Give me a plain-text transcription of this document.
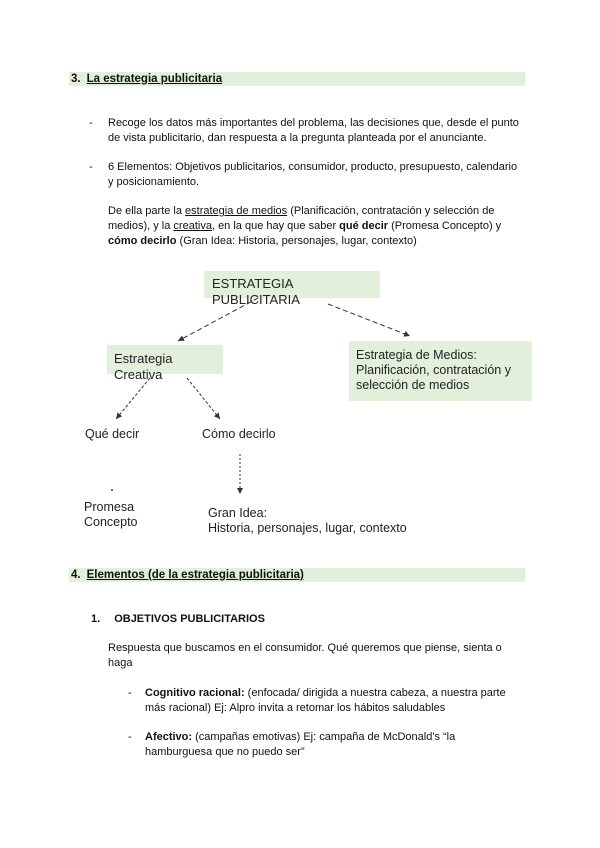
3. La estrategia publicitaria
- Recoge los datos más importantes del problema, las decisiones que, desde el punto
de vista publicitario, dan respuesta a la pregunta planteada por el anunciante.
- 6 Elementos: Objetivos publicitarios, consumidor, producto, presupuesto, calendario
y posicionamiento.
De ella parte la estrategia de medios (Planificación, contratación y selección de
medios), y la creativa, en la que hay que saber qué decir (Promesa Concepto) y
cómo decirlo (Gran Idea: Historia, personajes, lugar, contexto)
ESTRATEGIA PUBLICITARIA
Estrategia Creativa
Estrategia de Medios:
Planificación, contratación y
selección de medios
Qué decir	Cómo decirlo
Promesa
Concepto
Gran Idea:
Historia, personajes, lugar, contexto
4. Elementos (de la estrategia publicitaria)
1. OBJETIVOS PUBLICITARIOS
Respuesta que buscamos en el consumidor. Qué queremos que piense, sienta o
haga
- Cognitivo racional: (enfocada/ dirigida a nuestra cabeza, a nuestra parte
más racional) Ej: Alpro invita a retomar los hábitos saludables
- Afectivo: (campañas emotivas) Ej: campaña de McDonald's “la
hamburguesa que no puedo ser”
